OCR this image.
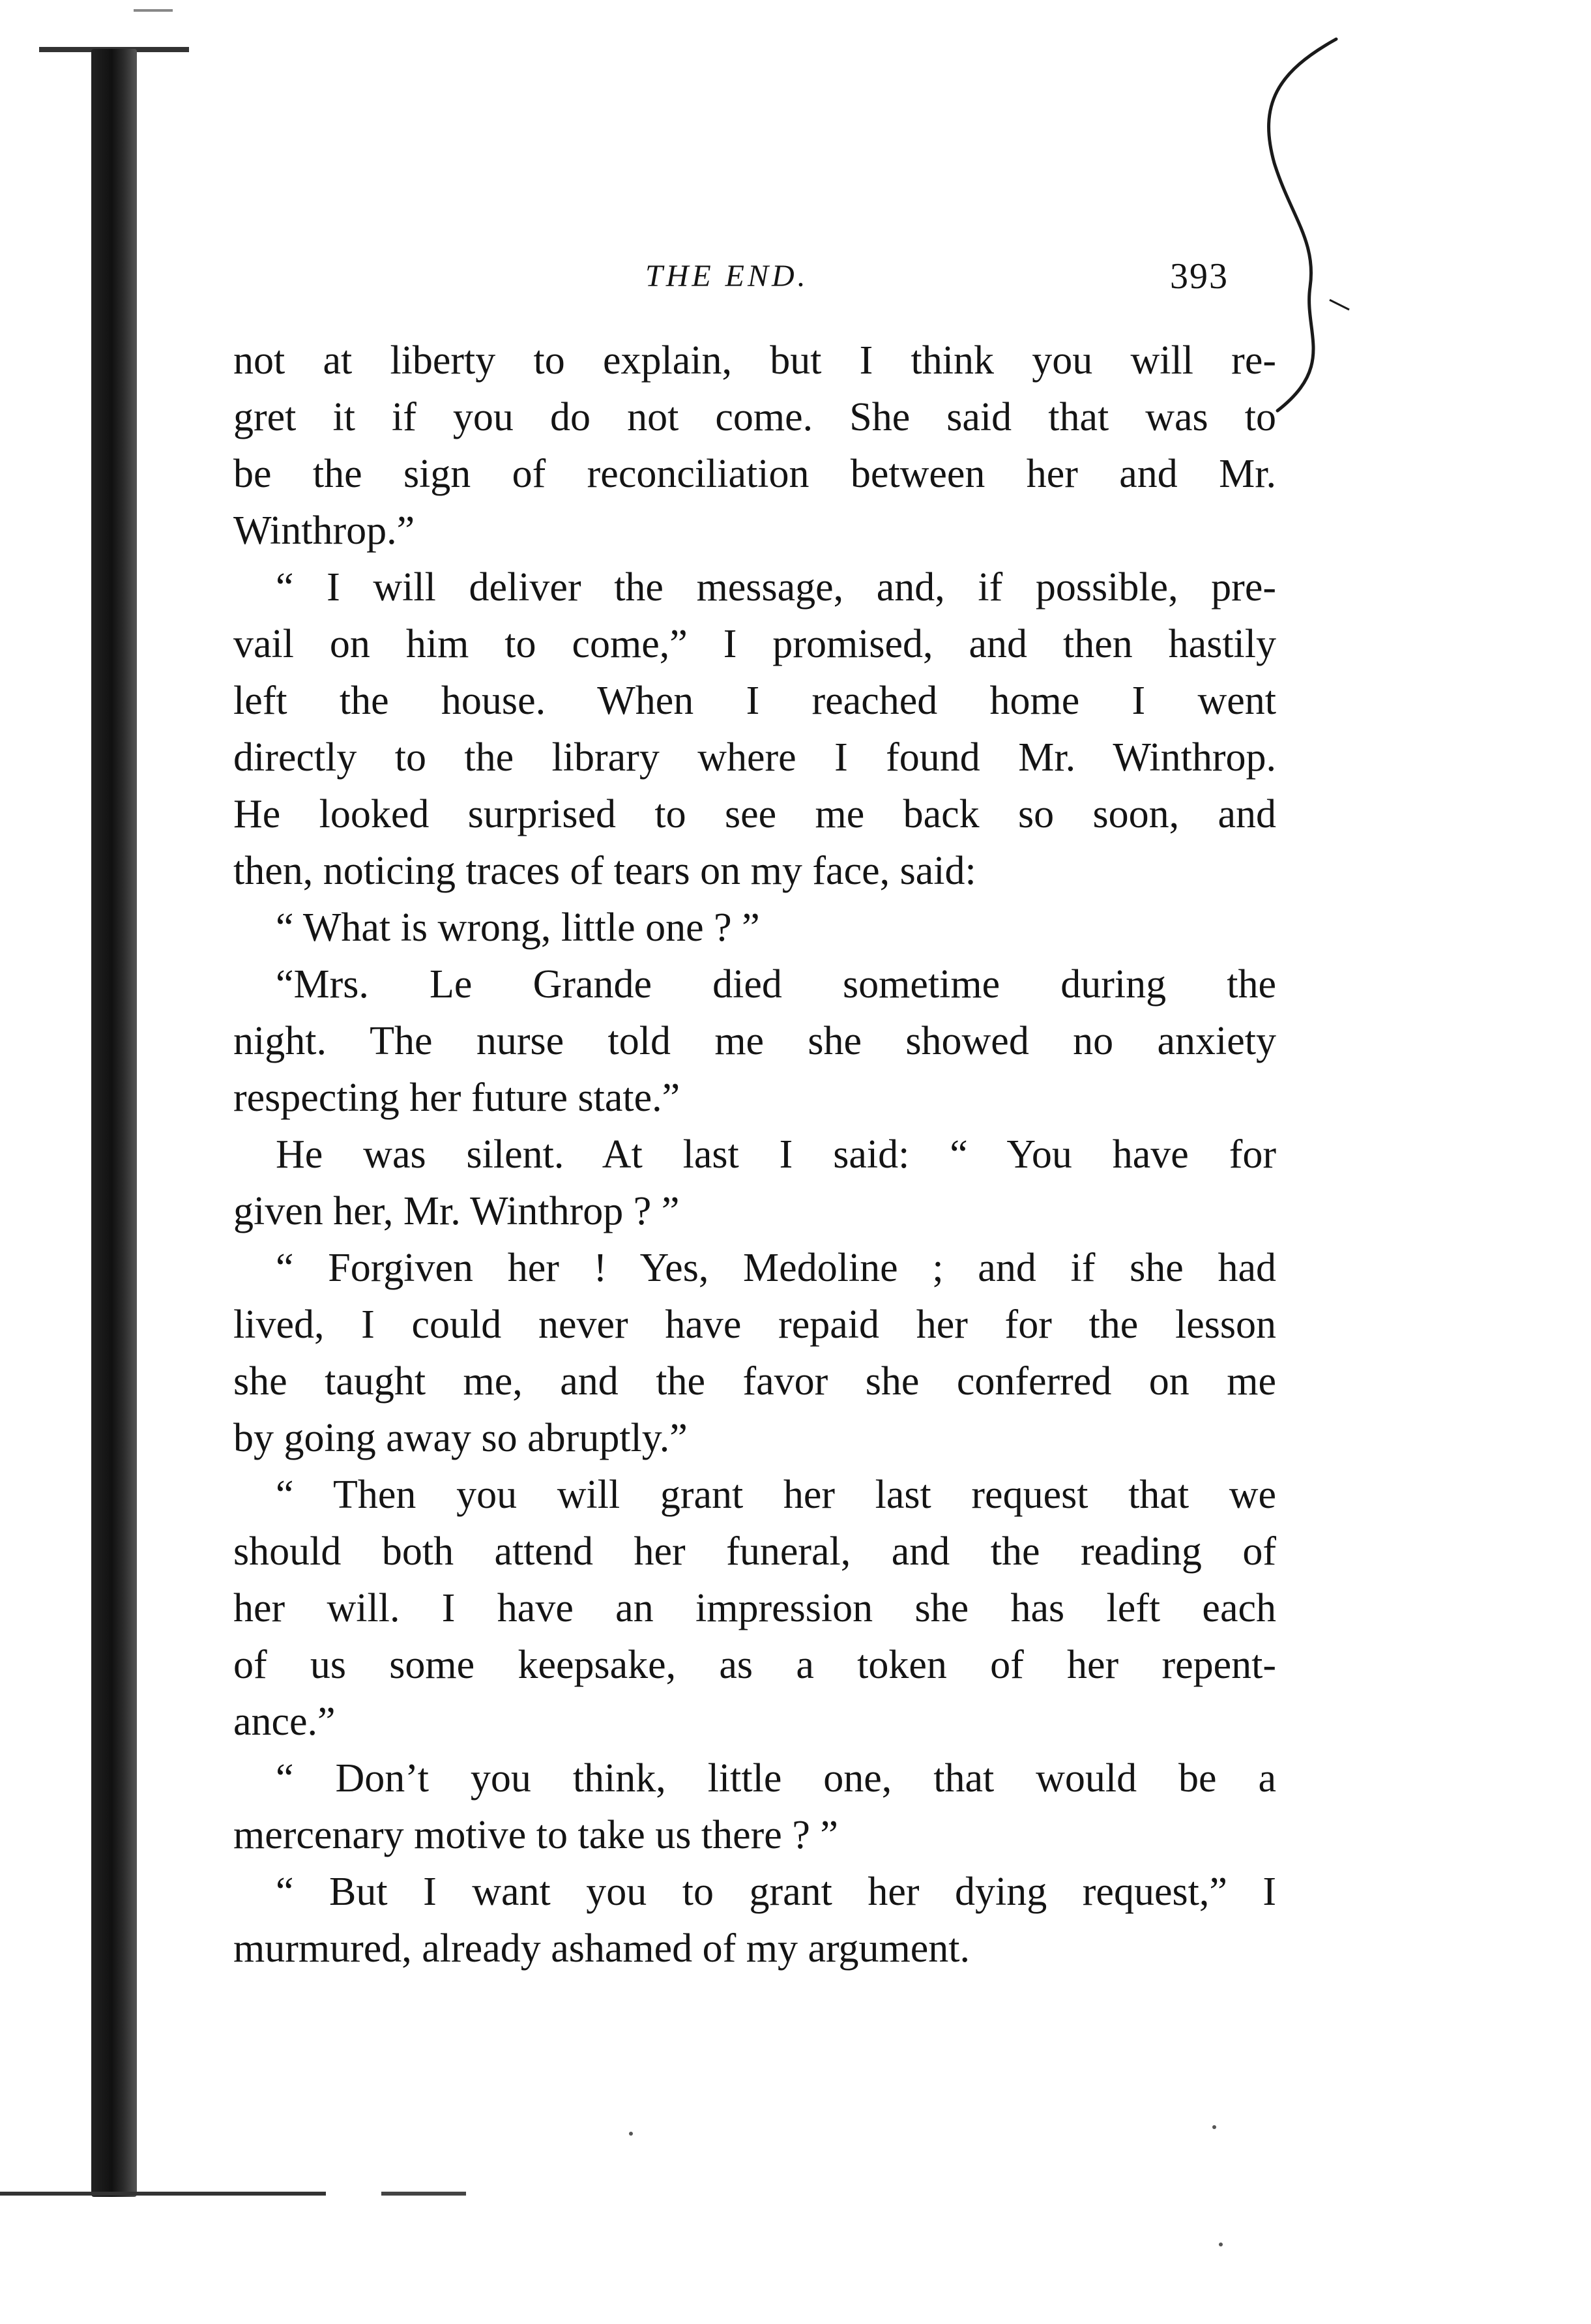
THE END.	393
not at liberty to explain, but I think you will re-
gret it if you do not come. She said that was to
be the sign of reconciliation between her and Mr.
Winthrop.”
“ I will deliver the message, and, if possible, pre-
vail on him to come,” I promised, and then hastily
left the house. When I reached home I went
directly to the library where I found Mr. Winthrop.
He looked surprised to see me back so soon, and
then, noticing traces of tears on my face, said:
“ What is wrong, little one ? ”
“Mrs. Le Grande died sometime during the
night. The nurse told me she showed no anxiety
respecting her future state.”
He was silent. At last I said: “ You have for
given her, Mr. Winthrop ? ”
“ Forgiven her ! Yes, Medoline ; and if she had
lived, I could never have repaid her for the lesson
she taught me, and the favor she conferred on me
by going away so abruptly.”
“ Then you will grant her last request that we
should both attend her funeral, and the reading of
her will. I have an impression she has left each
of us some keepsake, as a token of her repent-
ance.”
“ Don’t you think, little one, that would be a
mercenary motive to take us there ? ”
“ But I want you to grant her dying request,” I
murmured, already ashamed of my argument.
